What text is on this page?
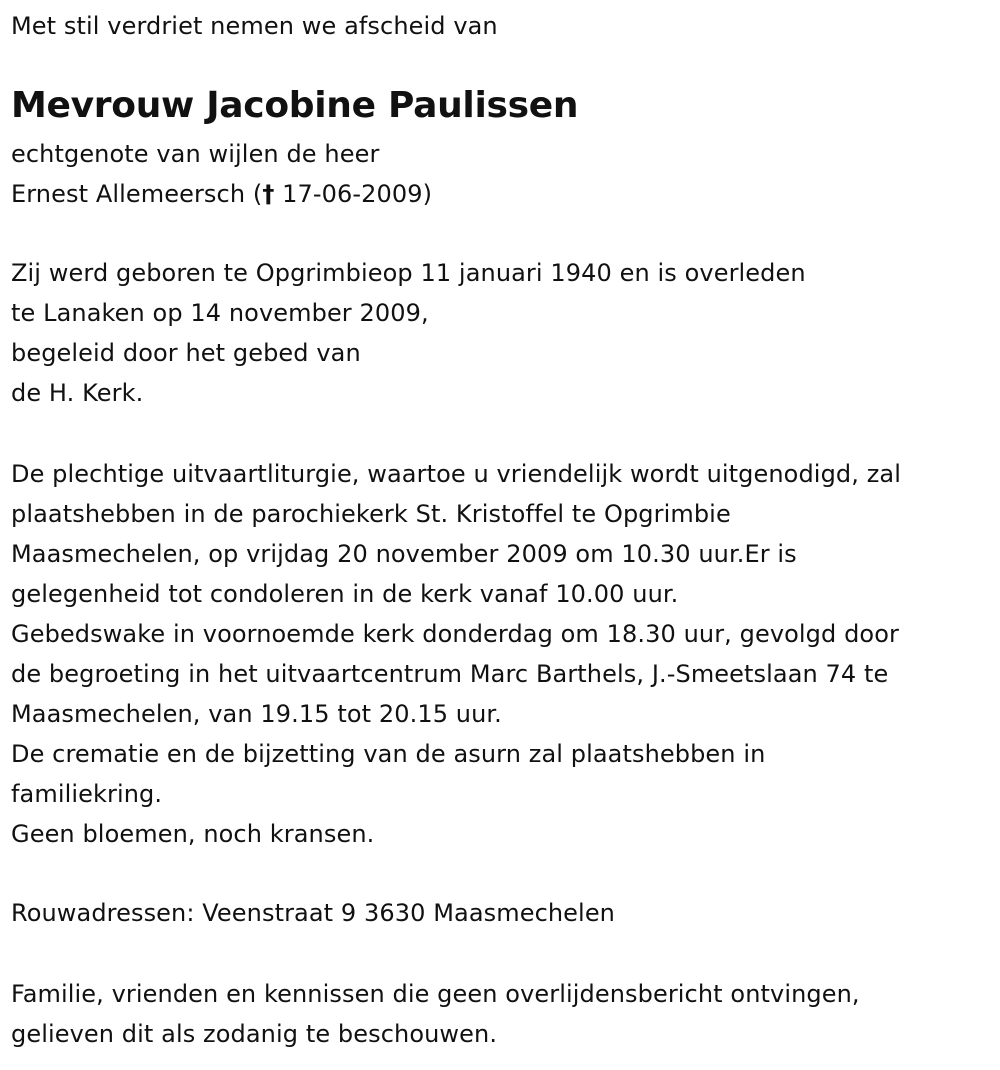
Met stil verdriet nemen we afscheid van
Mevrouw Jacobine Paulissen
echtgenote van wijlen de heer
Ernest Allemeersch († 17-06-2009)
Zij werd geboren te Opgrimbieop 11 januari 1940 en is overleden
te Lanaken op 14 november 2009,
begeleid door het gebed van
de H. Kerk.
De plechtige uitvaartliturgie, waartoe u vriendelijk wordt uitgenodigd, zal
plaatshebben in de parochiekerk St. Kristoffel te Opgrimbie
Maasmechelen, op vrijdag 20 november 2009 om 10.30 uur.Er is
gelegenheid tot condoleren in de kerk vanaf 10.00 uur.
Gebedswake in voornoemde kerk donderdag om 18.30 uur, gevolgd door
de begroeting in het uitvaartcentrum Marc Barthels, J.-Smeetslaan 74 te
Maasmechelen, van 19.15 tot 20.15 uur.
De crematie en de bijzetting van de asurn zal plaatshebben in
familiekring.
Geen bloemen, noch kransen.
Rouwadressen: Veenstraat 9 3630 Maasmechelen
Familie, vrienden en kennissen die geen overlijdensbericht ontvingen,
gelieven dit als zodanig te beschouwen.
